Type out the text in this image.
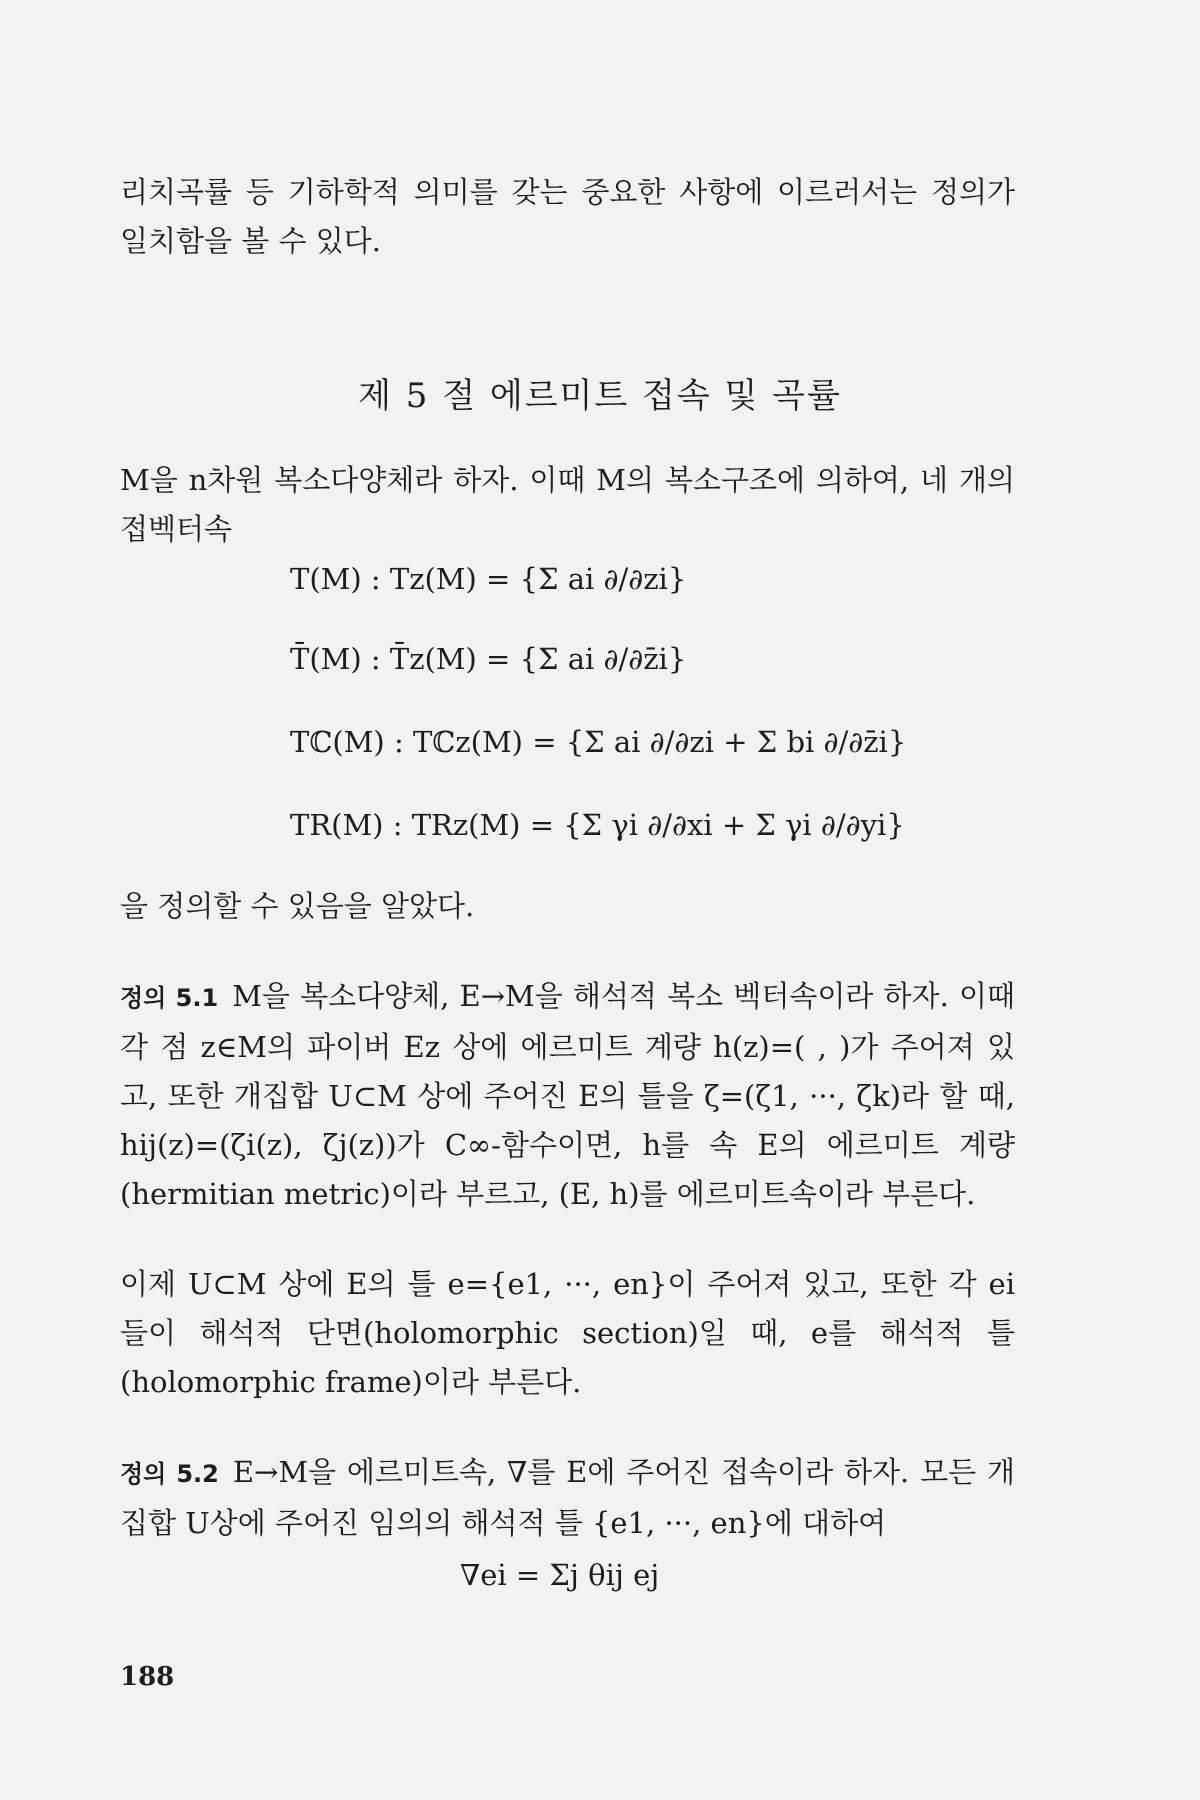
리치곡률 등 기하학적 의미를 갖는 중요한 사항에 이르러서는 정의가 일치함을 볼 수 있다.
제 5 절 에르미트 접속 및 곡률
M을 n차원 복소다양체라 하자. 이때 M의 복소구조에 의하여, 네 개의 접벡터속
T(M) : Tz(M) = {Σ ai ∂/∂zi}
T̄(M) : T̄z(M) = {Σ ai ∂/∂z̄i}
Tℂ(M) : Tℂz(M) = {Σ ai ∂/∂zi + Σ bi ∂/∂z̄i}
TR(M) : TRz(M) = {Σ γi ∂/∂xi + Σ γi ∂/∂yi}
을 정의할 수 있음을 알았다.
정의 5.1 M을 복소다양체, E→M을 해석적 복소 벡터속이라 하자. 이때 각 점 z∈M의 파이버 Ez 상에 에르미트 계량 h(z)=( , )가 주어져 있고, 또한 개집합 U⊂M 상에 주어진 E의 틀을 ζ=(ζ1, ···, ζk)라 할 때, hij(z)=(ζi(z), ζj(z))가 C∞-함수이면, h를 속 E의 에르미트 계량(hermitian metric)이라 부르고, (E, h)를 에르미트속이라 부른다.
이제 U⊂M 상에 E의 틀 e={e1, ···, en}이 주어져 있고, 또한 각 ei 들이 해석적 단면(holomorphic section)일 때, e를 해석적 틀(holomorphic frame)이라 부른다.
정의 5.2 E→M을 에르미트속, ∇를 E에 주어진 접속이라 하자. 모든 개집합 U상에 주어진 임의의 해석적 틀 {e1, ···, en}에 대하여
∇ei = Σj θij ej
188
